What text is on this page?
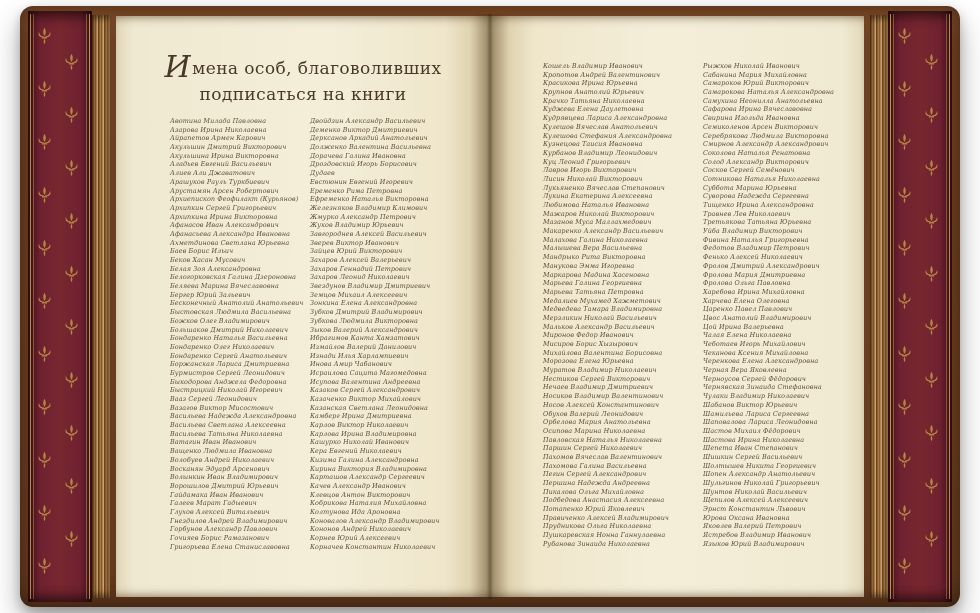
Имена особ, благоволивших
подписаться на книги
Авотина Милада Павловна
Азарова Ирина Николаевна
Айрапетов Армен Карович
Акульшин Дмитрий Викторович
Акульшина Ирина Викторовна
Аладьев Евгений Васильевич
Алиев Али Джаватович
Арашуков Рауль Туркбиевич
Арустамян Арсен Робертович
Архиепископ Феофилакт (Курьянов)
Архипкин Сергей Григорьевич
Архипкина Ирина Викторовна
Афанасов Иван Александрович
Афанасьева Александра Ивановна
Ахметдинова Светлана Юрьевна
Баев Борис Ильич
Беков Хасан Мусович
Белая Зоя Александровна
Белогорковская Галина Дзероновна
Беляева Марина Вячеславовна
Бергер Юрий Зальевич
Бесконечный Анатолий Анатольевич
Быстовская Людмила Васильевна
Божков Олег Владимирович
Большаков Дмитрий Николаевич
Бондаренко Наталья Васильевна
Бондаренко Олег Николаевич
Бондаренко Сергей Анатольевич
Боржанская Лариса Дмитриевна
Бурмистров Сергей Леонидович
Быкодорова Анджела Федоровна
Быстрицкий Николай Игоревич
Вааз Сергей Леонидович
Вазагов Виктор Мисостович
Васильева Надежда Александровна
Васильева Светлана Алексеевна
Васильева Татьяна Николаевна
Ватагин Иван Иванович
Ващенко Людмила Ивановна
Волобуев Андрей Николаевич
Восканян Эдуард Арсенович
Волынкин Иван Владимирович
Ворошилов Дмитрий Юрьевич
Гайдамака Иван Иванович
Галеев Марат Гадыевич
Глухов Алексей Витальевич
Гнездилов Андрей Владимирович
Горбунов Александр Павлович
Гочияев Борис Рамазанович
Григорьева Елена Станиславовна
Двойдзин Александр Васильевич
Деменко Виктор Дмитриевич
Дерксанов Аркадий Анатольевич
Долженко Валентина Васильевна
Дорачева Галина Ивановна
Дроздовский Игорь Борисович
Дудаев
Евстюнин Евгений Игоревич
Еременко Рима Петровна
Ефременко Наталья Викторовна
Железняков Владимир Климович
Жмурко Александр Петрович
Жуков Владимир Юрьевич
Завгороднев Алексей Васильевич
Зверев Виктор Иванович
Зайцев Юрий Викторович
Захаров Алексей Валерьевич
Захаров Геннадий Петрович
Захаров Леонид Николаевич
Звездунов Владимир Дмитриевич
Земцов Михаил Алексеевич
Зонкина Елена Александровна
Зубков Дмитрий Владимирович
Зубкова Людмила Викторовна
Зыков Валерий Александрович
Ибрагимов Канта Хамзатович
Измайлов Валерий Данилович
Изнади Илья Харлампиевич
Инова Амир Чабанович
Исраилова Сацита Магомедовна
Исупова Валентина Андреевна
Казаков Сергей Александрович
Казаченко Виктор Михайлович
Казанская Светлана Леонидовна
Камберг Ирина Дмитриевна
Карлов Виктор Николаевич
Карлова Ирина Владимировна
Кашурко Николай Иванович
Кера Евгений Николаевич
Кизима Галина Александровна
Кирина Виктория Владимировна
Карташов Александр Сергеевич
Качев Александр Иванович
Клевцов Антон Викторович
Кобрикова Наталия Михайловна
Колтунова Ида Ароновна
Коновалов Александр Владимирович
Кононов Андрей Николаевич
Корнев Юрий Алексеевич
Корначев Константин Николаевич
Кошель Владимир Иванович
Кропотов Андрей Валентинович
Красикова Ирина Юрьевна
Крупнов Анатолий Юрьевич
Крачко Татьяна Николаевна
Куджева Елена Даулетовна
Кудрявцева Лариса Александровна
Кулешов Вячеслав Анатольевич
Кулешова Стефания Александровна
Кузнецова Таисия Ивановна
Курбанов Владимир Леонидович
Куц Леонид Григорьевич
Лавров Игорь Викторович
Лисин Николай Викторович
Лукьяненко Вячеслав Степанович
Лукина Екатерина Алексеевна
Любимова Наталья Ивановна
Мажаров Николай Викторович
Мазанов Муса Маллахмедович
Макаренко Александр Васильевич
Малахова Галина Николаевна
Малышева Вера Васильевна
Мандрыко Рита Викторовна
Манукова Эмма Игоревна
Маркарова Мадина Хасеновна
Марьева Галина Георгиевна
Марьева Татьяна Петровна
Медалиев Мухамед Хажметович
Медведева Тамара Владимировна
Мерзликин Николай Васильевич
Мальков Александр Васильевич
Миронов Федор Иванович
Мисиров Борис Хызырович
Михайлова Валентина Борисовна
Морозова Елена Юрьевна
Муратов Владимир Николаевич
Нестиков Сергей Викторович
Нечаев Владимир Дмитриевич
Носиков Владимир Валентинович
Носов Алексей Константинович
Обухов Валерий Леонидович
Орбелова Мария Анатольевна
Осипова Марина Николаевна
Павловская Наталья Николаевна
Паршин Сергей Николаевич
Пахомов Вячеслав Валентинович
Пахомова Галина Васильевна
Пегин Сергей Александрович
Першина Надежда Андреевна
Пикалова Ольга Михайловна
Подбедова Анастасия Алексеевна
Потапенко Юрий Яковлевич
Правиченко Алексей Владимирович
Прудникова Ольга Николаевна
Пушкаревская Нонна Ганнулаевна
Рубанова Зинаида Николаевна
Рыжков Николай Иванович
Сабанина Мария Михайловна
Самароков Юрий Викторович
Самарокова Наталья Александровна
Самухина Неонилла Анатольевна
Сафарова Ирина Вячеславовна
Свирина Изольда Ивановна
Семиколенов Арсен Викторович
Серебрякова Людмила Викторовна
Смирнов Александр Александрович
Соколова Наталья Ренатовна
Солод Александр Викторович
Сосков Сергей Семёнович
Сотникова Наталья Николаевна
Суббота Марина Юрьевна
Суворова Надежда Сергеевна
Тищенко Ирина Александровна
Травнев Лев Николаевич
Третьякова Татьяна Юрьевна
Уйба Владимир Викторович
Фивина Наталья Григорьевна
Федотов Владимир Петрович
Фенько Алексей Николаевич
Фролов Дмитрий Александрович
Фролова Мария Дмитриевна
Фролова Ольга Павловна
Харебова Ирина Михайловна
Харчева Елена Олеговна
Царенко Павел Павлович
Цвос Анатолий Владимирович
Цой Ирина Валерьевна
Чалая Елена Николаевна
Чеботаев Игорь Михайлович
Чеканова Ксения Михайловна
Черенкова Елена Александровна
Черная Вера Яковлевна
Черноусов Сергей Фёдорович
Чернявская Зинаида Стефановна
Чулаки Владимир Николаевич
Шабанов Виктор Юрьевич
Шамильева Лариса Сергеевна
Шаповалова Лариса Леонидовна
Шастов Михаил Фёдорович
Шастова Ирина Николаевна
Шепета Иван Степанович
Шишкин Сергей Васильевич
Шолтышев Никита Георгиевич
Шопен Александр Анатольевич
Шульгинов Николай Григорьевич
Шунтов Николай Васильевич
Щепилов Алексей Алексеевич
Эрнст Константин Львович
Юрова Оксана Ивановна
Яковлев Валерий Петрович
Ястребов Владимир Иванович
Языков Юрий Владимирович
